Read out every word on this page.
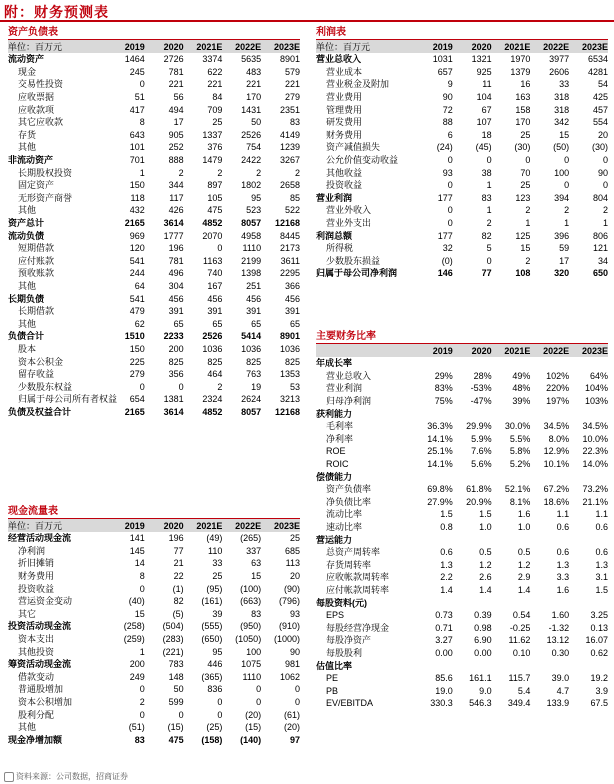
附：财务预测表
资产负债表
单位：百万元	2019	2020	2021E	2022E	2023E
流动资产	1464	2726	3374	5635	8901
现金	245	781	622	483	579
交易性投资	0	221	221	221	221
应收票据	51	56	84	170	279
应收款项	417	494	709	1431	2351
其它应收款	8	17	25	50	83
存货	643	905	1337	2526	4149
其他	101	252	376	754	1239
非流动资产	701	888	1479	2422	3267
长期股权投资	1	2	2	2	2
固定资产	150	344	897	1802	2658
无形资产商誉	118	117	105	95	85
其他	432	426	475	523	522
资产总计	2165	3614	4852	8057	12168
流动负债	969	1777	2070	4958	8445
短期借款	120	196	0	1110	2173
应付账款	541	781	1163	2199	3611
预收账款	244	496	740	1398	2295
其他	64	304	167	251	366
长期负债	541	456	456	456	456
长期借款	479	391	391	391	391
其他	62	65	65	65	65
负债合计	1510	2233	2526	5414	8901
股本	150	200	1036	1036	1036
资本公积金	225	825	825	825	825
留存收益	279	356	464	763	1353
少数股东权益	0	0	2	19	53
归属于母公司所有者权益	654	1381	2324	2624	3213
负债及权益合计	2165	3614	4852	8057	12168
现金流量表
单位：百万元	2019	2020	2021E	2022E	2023E
经营活动现金流	141	196	(49)	(265)	25
净利润	145	77	110	337	685
折旧摊销	14	21	33	63	113
财务费用	8	22	25	15	20
投资收益	0	(1)	(95)	(100)	(90)
营运资金变动	(40)	82	(161)	(663)	(796)
其它	15	(5)	39	83	93
投资活动现金流	(258)	(504)	(555)	(950)	(910)
资本支出	(259)	(283)	(650)	(1050)	(1000)
其他投资	1	(221)	95	100	90
筹资活动现金流	200	783	446	1075	981
借款变动	249	148	(365)	1110	1062
普通股增加	0	50	836	0	0
资本公积增加	2	599	0	0	0
股利分配	0	0	0	(20)	(61)
其他	(51)	(15)	(25)	(15)	(20)
现金净增加额	83	475	(158)	(140)	97
利润表
单位：百万元	2019	2020	2021E	2022E	2023E
营业总收入	1031	1321	1970	3977	6534
营业成本	657	925	1379	2606	4281
营业税金及附加	9	11	16	33	54
营业费用	90	104	163	318	425
管理费用	72	67	158	318	457
研发费用	88	107	170	342	554
财务费用	6	18	25	15	20
资产减值损失	(24)	(45)	(30)	(50)	(30)
公允价值变动收益	0	0	0	0	0
其他收益	93	38	70	100	90
投资收益	0	1	25	0	0
营业利润	177	83	123	394	804
营业外收入	0	1	2	2	2
营业外支出	0	2	1	1	1
利润总额	177	82	125	396	806
所得税	32	5	15	59	121
少数股东损益	(0)	0	2	17	34
归属于母公司净利润	146	77	108	320	650
主要财务比率
	2019	2020	2021E	2022E	2023E
年成长率					
营业总收入	29%	28%	49%	102%	64%
营业利润	83%	-53%	48%	220%	104%
归母净利润	75%	-47%	39%	197%	103%
获利能力					
毛利率	36.3%	29.9%	30.0%	34.5%	34.5%
净利率	14.1%	5.9%	5.5%	8.0%	10.0%
ROE	25.1%	7.6%	5.8%	12.9%	22.3%
ROIC	14.1%	5.6%	5.2%	10.1%	14.0%
偿债能力					
资产负债率	69.8%	61.8%	52.1%	67.2%	73.2%
净负债比率	27.9%	20.9%	8.1%	18.6%	21.1%
流动比率	1.5	1.5	1.6	1.1	1.1
速动比率	0.8	1.0	1.0	0.6	0.6
营运能力					
总资产周转率	0.6	0.5	0.5	0.6	0.6
存货周转率	1.3	1.2	1.2	1.3	1.3
应收帐款周转率	2.2	2.6	2.9	3.3	3.1
应付帐款周转率	1.4	1.4	1.4	1.6	1.5
每股资料(元)					
EPS	0.73	0.39	0.54	1.60	3.25
每股经营净现金	0.71	0.98	-0.25	-1.32	0.13
每股净资产	3.27	6.90	11.62	13.12	16.07
每股股利	0.00	0.00	0.10	0.30	0.62
估值比率					
PE	85.6	161.1	115.7	39.0	19.2
PB	19.0	9.0	5.4	4.7	3.9
EV/EBITDA	330.3	546.3	349.4	133.9	67.5
资料来源：公司数据，招商证券
